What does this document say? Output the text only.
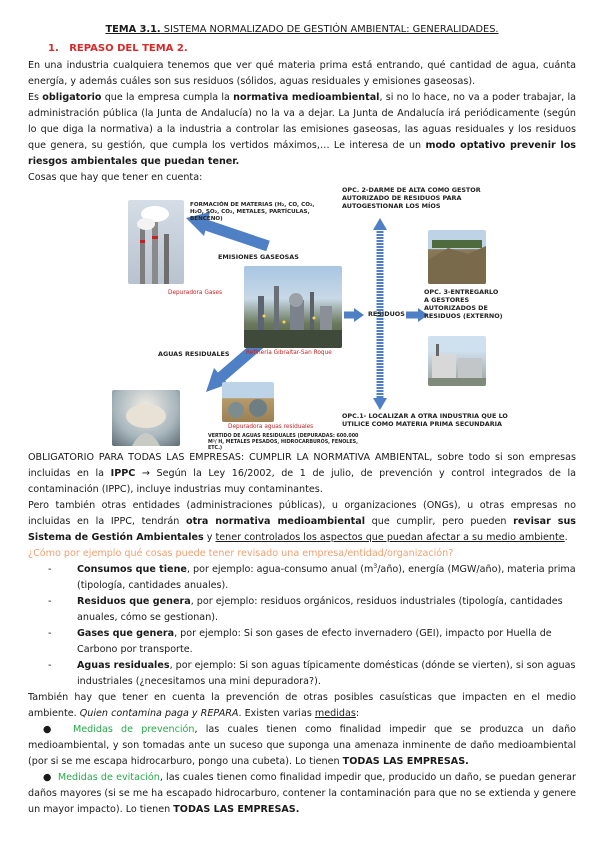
TEMA 3.1. SISTEMA NORMALIZADO DE GESTIÓN AMBIENTAL: GENERALIDADES.
1. REPASO DEL TEMA 2.

En una industria cualquiera tenemos que ver qué materia prima está entrando, qué cantidad de agua, cuánta energía, y además cuáles son sus residuos (sólidos, aguas residuales y emisiones gaseosas).

Es obligatorio que la empresa cumpla la normativa medioambiental, si no lo hace, no va a poder trabajar, la administración pública (la Junta de Andalucía) no la va a dejar. La Junta de Andalucía irá periódicamente (según lo que diga la normativa) a la industria a controlar las emisiones gaseosas, las aguas residuales y los residuos que genera, su gestión, que cumpla los vertidos máximos,… Le interesa de un modo optativo prevenir los riesgos ambientales que puedan tener.

Cosas que hay que tener en cuenta:

FORMACIÓN DE MATERIAS (H₂, CO, CO₂, H₂O, SO₂, CO₂, METALES, PARTÍCULAS, BENCENO)
EMISIONES GASEOSAS
Depuradora Gases
Refinería Gibraltar-San Roque
AGUAS RESIDUALES
RESIDUOS
OPC. 2-DARME DE ALTA COMO GESTOR AUTORIZADO DE RESIDUOS PARA AUTOGESTIONAR LOS MÍOS
OPC. 3-ENTREGARLO A GESTORES AUTORIZADOS DE RESIDUOS (EXTERNO)
OPC.1- LOCALIZAR A OTRA INDUSTRIA QUE LO UTILICE COMO MATERIA PRIMA SECUNDARIA
Depuradora aguas residuales
VERTIDO DE AGUAS RESIDUALES (DEPURADAS: 600.000 M³/ H, METALES PESADOS, HIDROCARBUROS, FENOLES, ETC.)

OBLIGATORIO PARA TODAS LAS EMPRESAS: CUMPLIR LA NORMATIVA AMBIENTAL, sobre todo si son empresas incluidas en la IPPC → Según la Ley 16/2002, de 1 de julio, de prevención y control integrados de la contaminación (IPPC), incluye industrias muy contaminantes.

Pero también otras entidades (administraciones públicas), u organizaciones (ONGs), u otras empresas no incluidas en la IPPC, tendrán otra normativa medioambiental que cumplir, pero pueden revisar sus Sistema de Gestión Ambientales y tener controlados los aspectos que puedan afectar a su medio ambiente.

¿Cómo por ejemplo qué cosas puede tener revisado una empresa/entidad/organización?

- Consumos que tiene, por ejemplo: agua-consumo anual $(m^3/año)$, energía (MGW/año), materia prima (tipología, cantidades anuales).
- Residuos que genera, por ejemplo: residuos orgánicos, residuos industriales (tipología, cantidades anuales, cómo se gestionan).
- Gases que genera, por ejemplo: Si son gases de efecto invernadero (GEI), impacto por Huella de Carbono por transporte.
- Aguas residuales, por ejemplo: Si son aguas típicamente domésticas (dónde se vierten), si son aguas industriales (¿necesitamos una mini depuradora?).

También hay que tener en cuenta la prevención de otras posibles casuísticas que impacten en el medio ambiente. Quien contamina paga y REPARA. Existen varias medidas:

● Medidas de prevención, las cuales tienen como finalidad impedir que se produzca un daño medioambiental, y son tomadas ante un suceso que suponga una amenaza inminente de daño medioambiental (por si se me escapa hidrocarburo, pongo una cubeta). Lo tienen TODAS LAS EMPRESAS.

● Medidas de evitación, las cuales tienen como finalidad impedir que, producido un daño, se puedan generar daños mayores (si se me ha escapado hidrocarburo, contener la contaminación para que no se extienda y genere un mayor impacto). Lo tienen TODAS LAS EMPRESAS.
